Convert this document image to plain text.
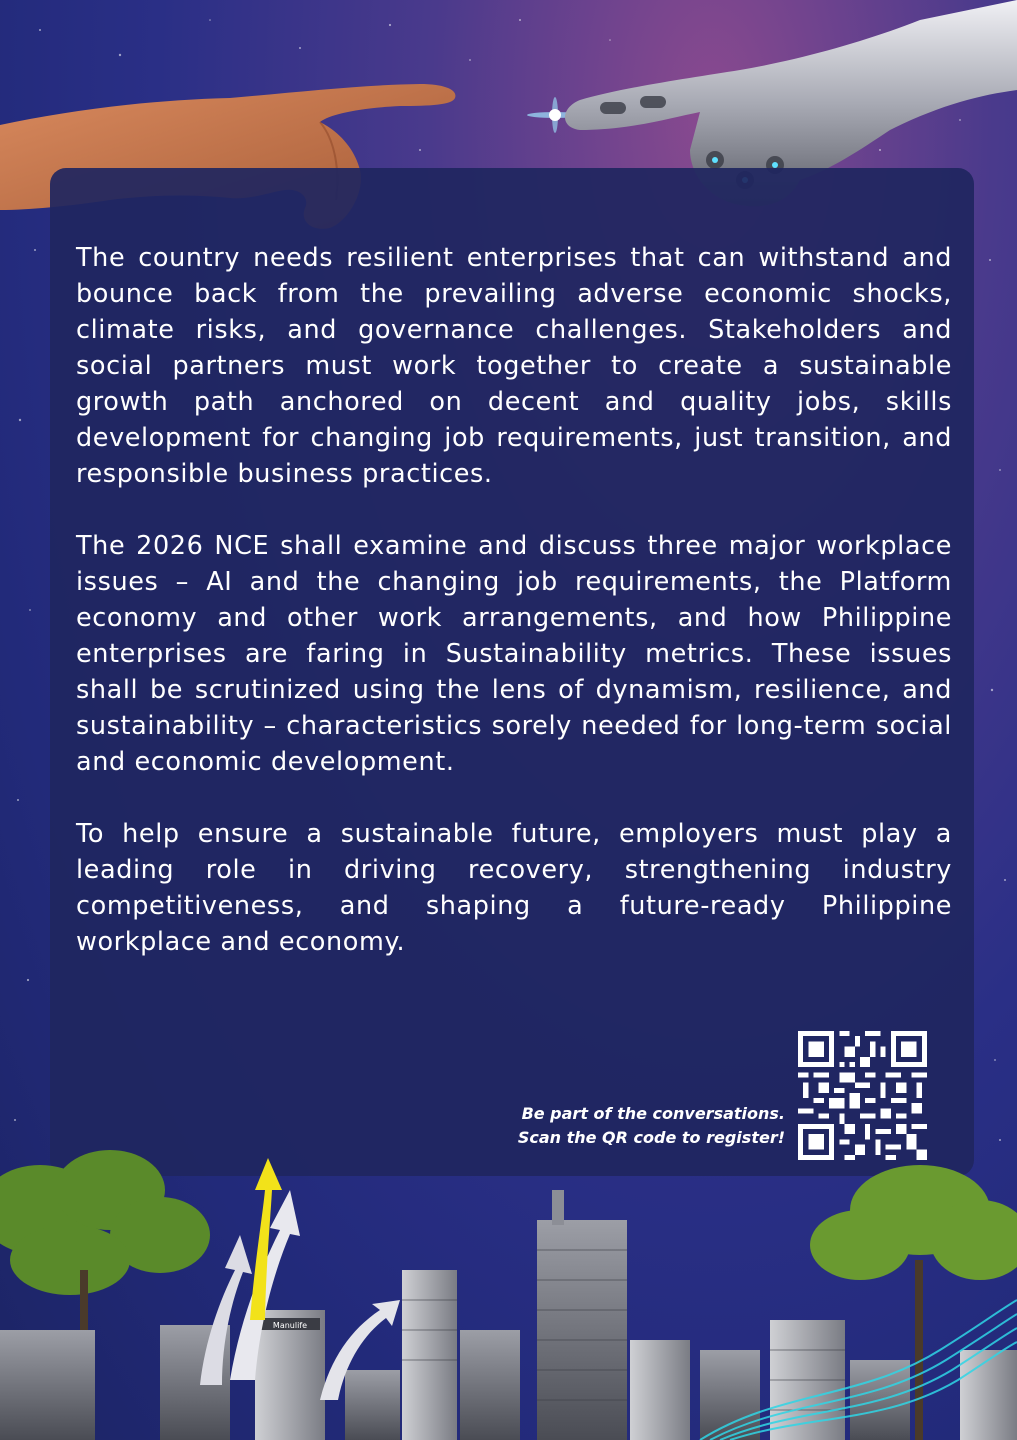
The country needs resilient enterprises that can withstand and bounce back from the prevailing adverse economic shocks, climate risks, and governance challenges. Stakeholders and social partners must work together to create a sustainable growth path anchored on decent and quality jobs, skills development for changing job requirements, just transition, and responsible business practices.

The 2026 NCE shall examine and discuss three major workplace issues – AI and the changing job requirements, the Platform economy and other work arrangements, and how Philippine enterprises are faring in Sustainability metrics. These issues shall be scrutinized using the lens of dynamism, resilience, and sustainability – characteristics sorely needed for long-term social and economic development.

To help ensure a sustainable future, employers must play a leading role in driving recovery, strengthening industry competitiveness, and shaping a future-ready Philippine workplace and economy.

Be part of the conversations.
Scan the QR code to register!
Manulife
